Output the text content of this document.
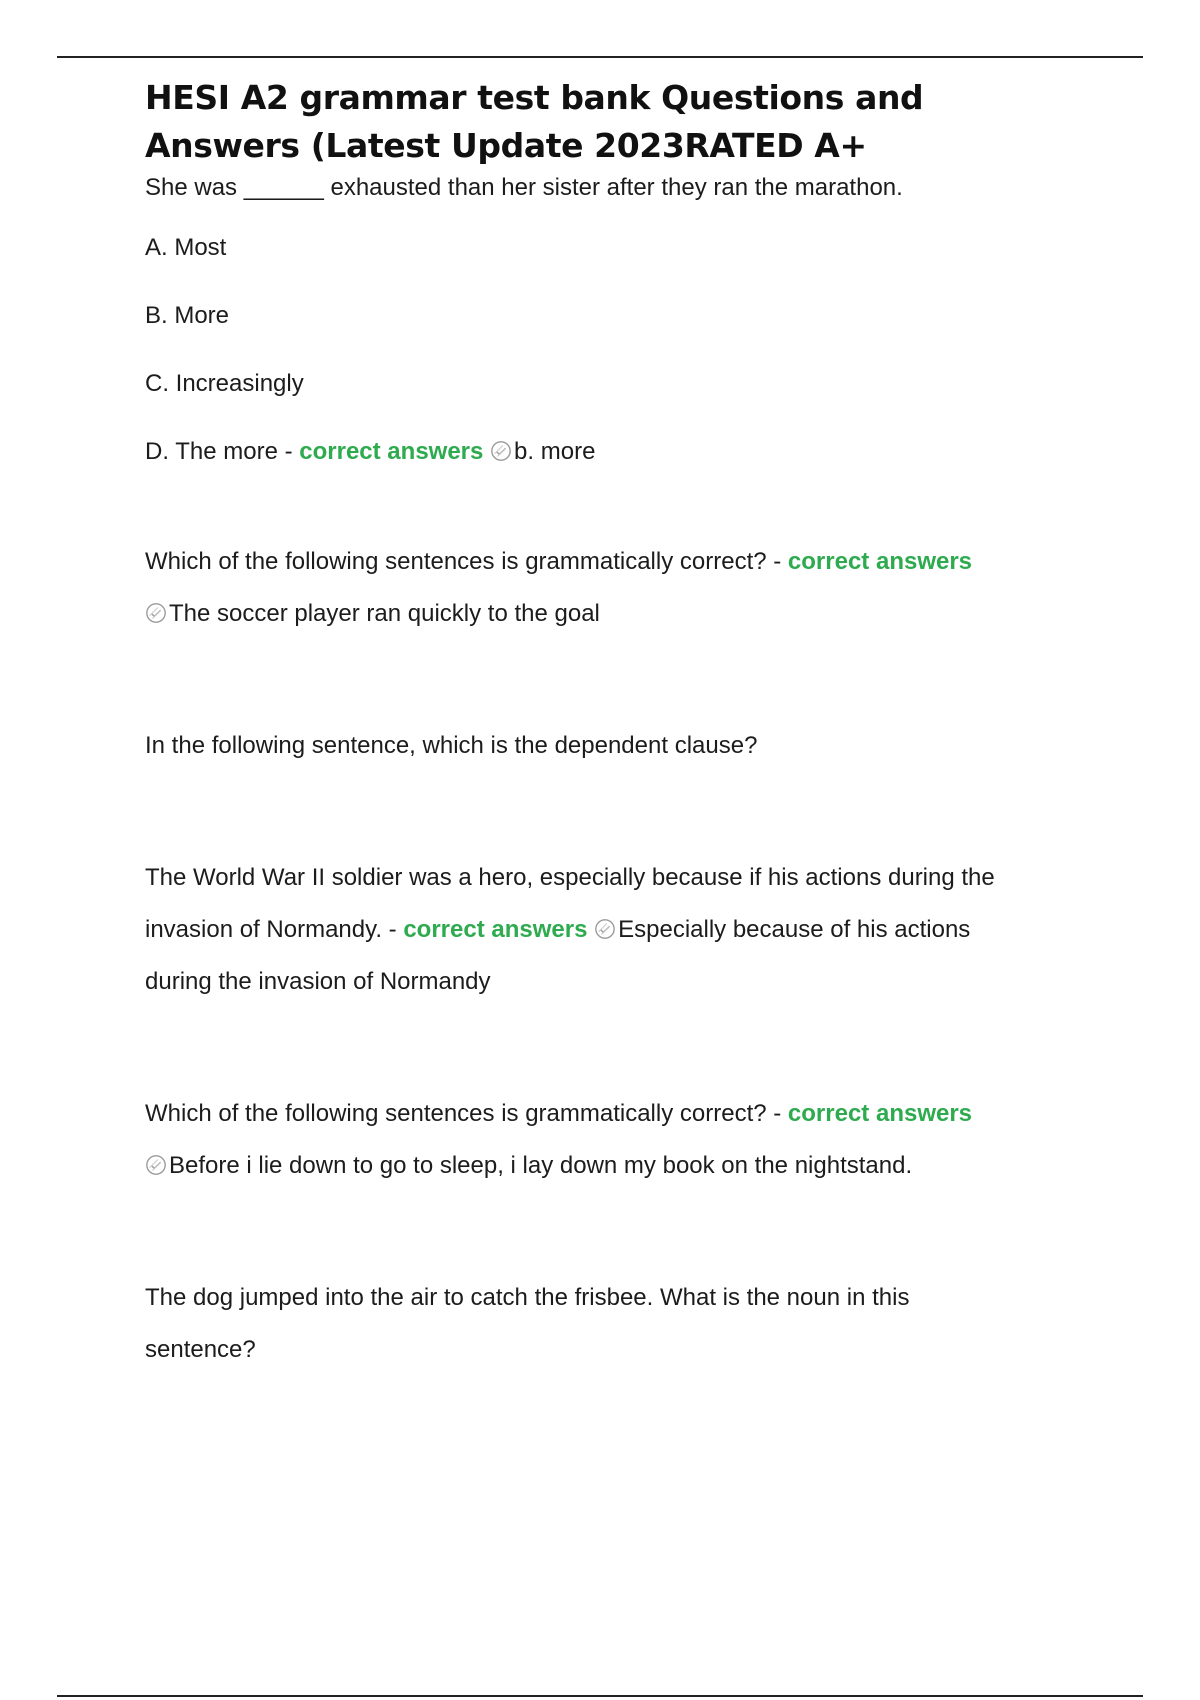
HESI A2 grammar test bank Questions and Answers (Latest Update 2023RATED A+

She was ______ exhausted than her sister after they ran the marathon.

A. Most

B. More

C. Increasingly

D. The more - correct answers b. more

Which of the following sentences is grammatically correct? - correct answers

The soccer player ran quickly to the goal

In the following sentence, which is the dependent clause?

The World War II soldier was a hero, especially because if his actions during the

invasion of Normandy. - correct answers Especially because of his actions

during the invasion of Normandy

Which of the following sentences is grammatically correct? - correct answers

Before i lie down to go to sleep, i lay down my book on the nightstand.

The dog jumped into the air to catch the frisbee. What is the noun in this

sentence?
